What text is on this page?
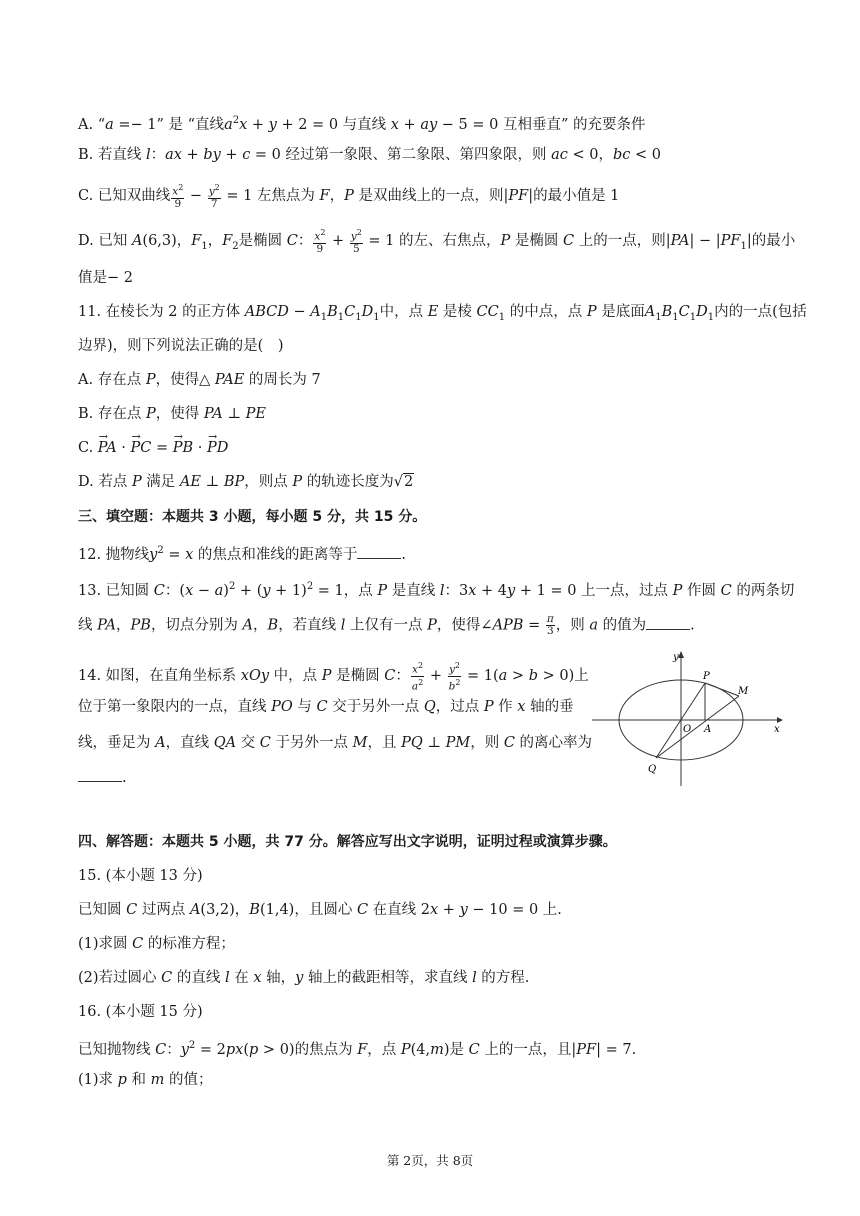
A. “a =− 1” 是 “直线$a^2x + y + 2 = 0$ 与直线 x + ay − 5 = 0 互相垂直” 的充要条件
B. 若直线 l：ax + by + c = 0 经过第一象限、第二象限、第四象限，则 ac < 0，bc < 0
C. 已知双曲线 $\frac{x^2}{9} - \frac{y^2}{7} = 1$ 左焦点为 F，P 是双曲线上的一点，则|PF|的最小值是 1
D. 已知 A(6,3)，$F_1$，$F_2$是椭圆 C： $\frac{x^2}{9} + \frac{y^2}{5} = 1$ 的左、右焦点，P 是椭圆 C 上的一点，则$|PA| - |PF_1|$的最小
值是− 2
11. 在棱长为 2 的正方体 ABCD − $A_1B_1C_1D_1$中，点 E 是棱 $CC_1$ 的中点，点 P 是底面$A_1B_1C_1D_1$内的一点(包括
边界)，则下列说法正确的是(　)
A. 存在点 P，使得△ PAE 的周长为 7
B. 存在点 P，使得 PA ⊥ PE
C. → PA · → PC = → PB · → PD
D. 若点 P 满足 AE ⊥ BP，则点 P 的轨迹长度为√2
三、填空题：本题共 3 小题，每小题 5 分，共 15 分。
12. 抛物线$y^2 = x$ 的焦点和准线的距离等于	.
13. 已知圆 C：$(x - a)^2 + (y + 1)^2 = 1$，点 P 是直线 l：3x + 4y + 1 = 0 上一点，过点 P 作圆 C 的两条切
线 PA，PB，切点分别为 A，B，若直线 l 上仅有一点 P，使得∠APB = $\frac{\pi}{3}$ ，则 a 的值为	.
14. 如图，在直角坐标系 xOy 中，点 P 是椭圆 C： $\frac{x^2}{a^2} + \frac{y^2}{b^2} = 1(a > b > 0)$上
位于第一象限内的一点，直线 PO 与 C 交于另外一点 Q，过点 P 作 x 轴的垂
线，垂足为 A，直线 QA 交 C 于另外一点 M，且 PQ ⊥ PM，则 C 的离心率为
.
y
x
P
M
O A
Q
四、解答题：本题共 5 小题，共 77 分。解答应写出文字说明，证明过程或演算步骤。
15. (本小题 13 分)
已知圆 C 过两点 A(3,2)，B(1,4)，且圆心 C 在直线 2x + y − 10 = 0 上.
(1)求圆 C 的标准方程；
(2)若过圆心 C 的直线 l 在 x 轴，y 轴上的截距相等，求直线 l 的方程.
16. (本小题 15 分)
已知抛物线 C：$y^2 = 2px(p > 0)$的焦点为 F，点 P(4,m)是 C 上的一点，且|PF| = 7.
(1)求 p 和 m 的值；
第 2页，共 8页
